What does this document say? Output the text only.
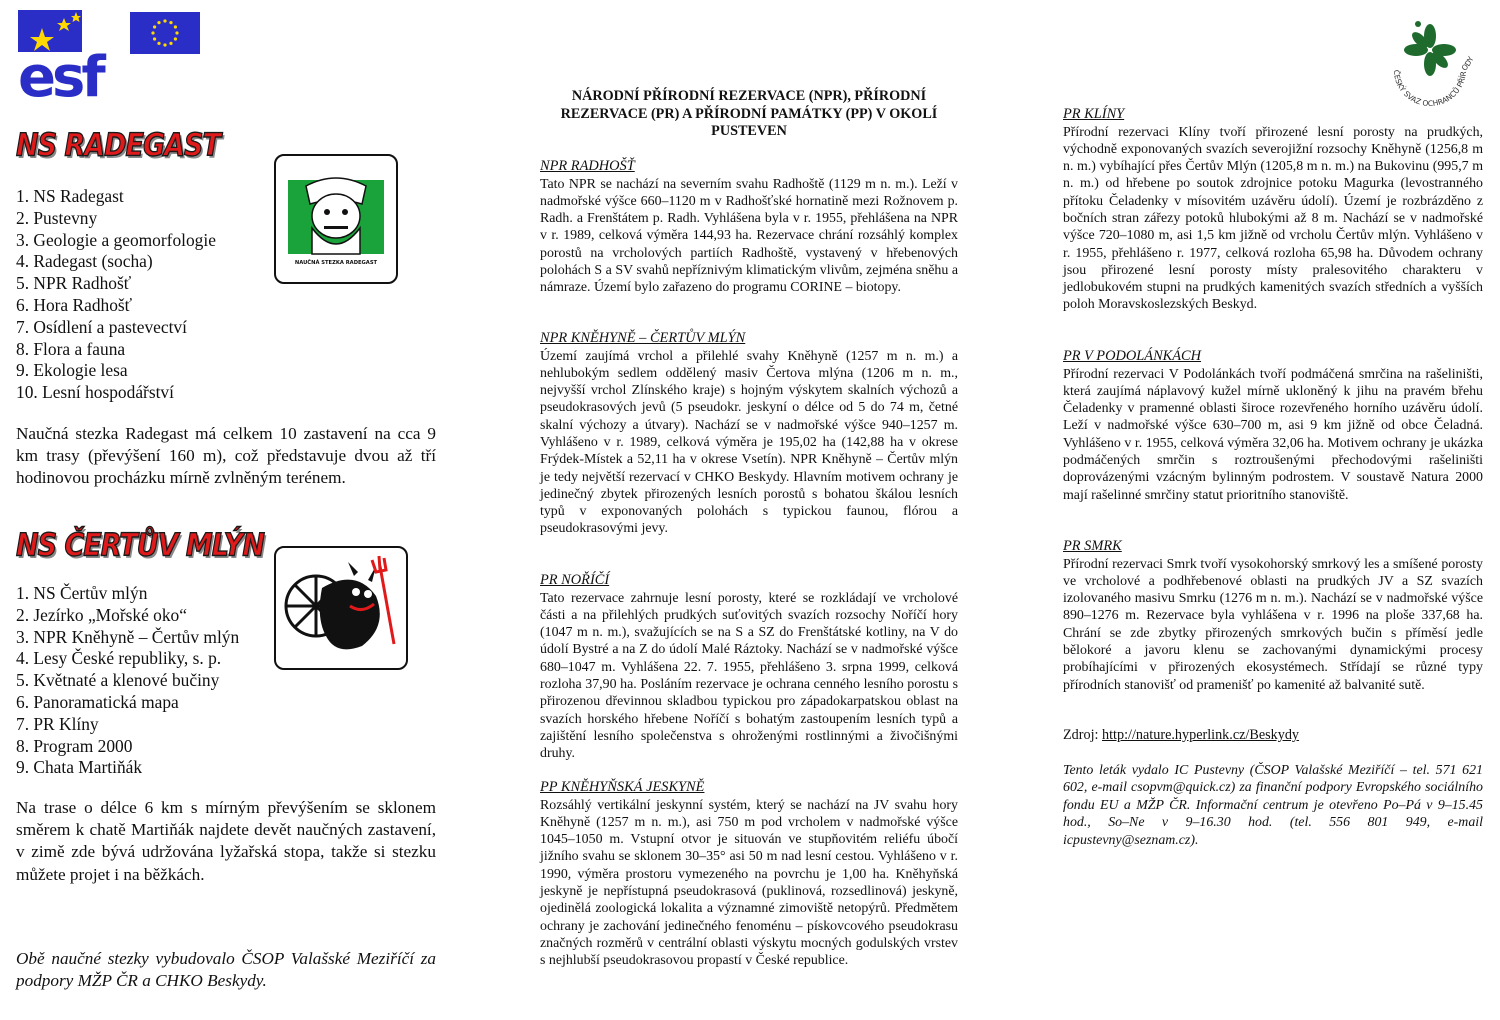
esf	ČESKÝ SVAZ OCHRANCŮ PŘÍRODY
NS RADEGAST
1. NS Radegast
2. Pustevny
3. Geologie a geomorfologie
4. Radegast (socha)
5. NPR Radhošť
6. Hora Radhošť
7. Osídlení a pastevectví
8. Flora a fauna
9. Ekologie lesa
10. Lesní hospodářství
NAUČNÁ STEZKA RADEGAST

Naučná stezka Radegast má celkem 10 zastavení na cca 9 km trasy (převýšení 160 m), což představuje dvou až tří hodinovou procházku mírně zvlněným terénem.

NS ČERTŮV MLÝN
1. NS Čertův mlýn
2. Jezírko „Mořské oko“
3. NPR Kněhyně – Čertův mlýn
4. Lesy České republiky, s. p.
5. Květnaté a klenové bučiny
6. Panoramatická mapa
7. PR Klíny
8. Program 2000
9. Chata Martiňák

Na trase o délce 6 km s mírným převýšením se sklonem směrem k chatě Martiňák najdete devět naučných zastavení, v zimě zde bývá udržována lyžařská stopa, takže si stezku můžete projet i na běžkách.

Obě naučné stezky vybudovalo ČSOP Valašské Meziříčí za podpory MŽP ČR a CHKO Beskydy.

NÁRODNÍ PŘÍRODNÍ REZERVACE (NPR), PŘÍRODNÍ REZERVACE (PR) A PŘÍRODNÍ PAMÁTKY (PP) V OKOLÍ PUSTEVEN

NPR RADHOŠŤ

Tato NPR se nachází na severním svahu Radhoště (1129 m n. m.). Leží v nadmořské výšce 660–1120 m v Radhošťské hornatině mezi Rožnovem p. Radh. a Frenštátem p. Radh. Vyhlášena byla v r. 1955, přehlášena na NPR v r. 1989, celková výměra 144,93 ha. Rezervace chrání rozsáhlý komplex porostů na vrcholových partiích Radhoště, vystavený v hřebenových polohách S a SV svahů nepříznivým klimatickým vlivům, zejména sněhu a námraze. Území bylo zařazeno do programu CORINE – biotopy.

NPR KNĚHYNĚ – ČERTŮV MLÝN

Území zaujímá vrchol a přilehlé svahy Kněhyně (1257 m n. m.) a nehlubokým sedlem oddělený masiv Čertova mlýna (1206 m n. m., nejvyšší vrchol Zlínského kraje) s hojným výskytem skalních výchozů a pseudokrasových jevů (5 pseudokr. jeskyní o délce od 5 do 74 m, četné skalní výchozy a útvary). Nachází se v nadmořské výšce 940–1257 m. Vyhlášeno v r. 1989, celková výměra je 195,02 ha (142,88 ha v okrese Frýdek-Místek a 52,11 ha v okrese Vsetín). NPR Kněhyně – Čertův mlýn je tedy největší rezervací v CHKO Beskydy. Hlavním motivem ochrany je jedinečný zbytek přirozených lesních porostů s bohatou škálou lesních typů v exponovaných polohách s typickou faunou, flórou a pseudokrasovými jevy.

PR NOŘÍČÍ

Tato rezervace zahrnuje lesní porosty, které se rozkládají ve vrcholové části a na přilehlých prudkých suťovitých svazích rozsochy Noříčí hory (1047 m n. m.), svažujících se na S a SZ do Frenštátské kotliny, na V do údolí Bystré a na Z do údolí Malé Ráztoky. Nachází se v nadmořské výšce 680–1047 m. Vyhlášena 22. 7. 1955, přehlášeno 3. srpna 1999, celková rozloha 37,90 ha. Posláním rezervace je ochrana cenného lesního porostu s přirozenou dřevinnou skladbou typickou pro západokarpatskou oblast na svazích horského hřebene Noříčí s bohatým zastoupením lesních typů a zajištění lesního společenstva s ohroženými rostlinnými a živočišnými druhy.

PP KNĚHYŇSKÁ JESKYNĚ

Rozsáhlý vertikální jeskynní systém, který se nachází na JV svahu hory Kněhyně (1257 m n. m.), asi 750 m pod vrcholem v nadmořské výšce 1045–1050 m. Vstupní otvor je situován ve stupňovitém reliéfu úbočí jižního svahu se sklonem 30–35° asi 50 m nad lesní cestou. Vyhlášeno v r. 1990, výměra prostoru vymezeného na povrchu je 1,00 ha. Kněhyňská jeskyně je nepřístupná pseudokrasová (puklinová, rozsedlinová) jeskyně, ojedinělá zoologická lokalita a významné zimoviště netopýrů. Předmětem ochrany je zachování jedinečného fenoménu – pískovcového pseudokrasu značných rozměrů v centrální oblasti výskytu mocných godulských vrstev s nejhlubší pseudokrasovou propastí v České republice.

PR KLÍNY

Přírodní rezervaci Klíny tvoří přirozené lesní porosty na prudkých, východně exponovaných svazích severojižní rozsochy Kněhyně (1256,8 m n. m.) vybíhající přes Čertův Mlýn (1205,8 m n. m.) na Bukovinu (995,7 m n. m.) od hřebene po soutok zdrojnice potoku Magurka (levostranného přítoku Čeladenky v mísovitém uzávěru údolí). Území je rozbrázděno z bočních stran zářezy potoků hlubokými až 8 m. Nachází se v nadmořské výšce 720–1080 m, asi 1,5 km jižně od vrcholu Čertův mlýn. Vyhlášeno v r. 1955, přehlášeno r. 1977, celková rozloha 65,98 ha. Důvodem ochrany jsou přirozené lesní porosty místy pralesovitého charakteru v jedlobukovém stupni na prudkých kamenitých svazích středních a vyšších poloh Moravskoslezských Beskyd.

PR V PODOLÁNKÁCH

Přírodní rezervaci V Podolánkách tvoří podmáčená smrčina na rašeliništi, která zaujímá náplavový kužel mírně ukloněný k jihu na pravém břehu Čeladenky v pramenné oblasti široce rozevřeného horního uzávěru údolí. Leží v nadmořské výšce 630–700 m, asi 9 km jižně od obce Čeladná. Vyhlášeno v r. 1955, celková výměra 32,06 ha. Motivem ochrany je ukázka podmáčených smrčin s roztroušenými přechodovými rašeliništi doprovázenými vzácným bylinným podrostem. V soustavě Natura 2000 mají rašelinné smrčiny statut prioritního stanoviště.

PR SMRK

Přírodní rezervaci Smrk tvoří vysokohorský smrkový les a smíšené porosty ve vrcholové a podhřebenové oblasti na prudkých JV a SZ svazích izolovaného masivu Smrku (1276 m n. m.). Nachází se v nadmořské výšce 890–1276 m. Rezervace byla vyhlášena v r. 1996 na ploše 337,68 ha. Chrání se zde zbytky přirozených smrkových bučin s příměsí jedle bělokoré a javoru klenu se zachovanými dynamickými procesy probíhajícími v přirozených ekosystémech. Střídají se různé typy přírodních stanovišť od pramenišť po kamenité až balvanité sutě.

Zdroj: http://nature.hyperlink.cz/Beskydy

Tento leták vydalo IC Pustevny (ČSOP Valašské Meziříčí – tel. 571 621 602, e-mail csopvm@quick.cz) za finanční podpory Evropského sociálního fondu EU a MŽP ČR. Informační centrum je otevřeno Po–Pá v 9–15.45 hod., So–Ne v 9–16.30 hod. (tel. 556 801 949, e-mail icpustevny@seznam.cz).
